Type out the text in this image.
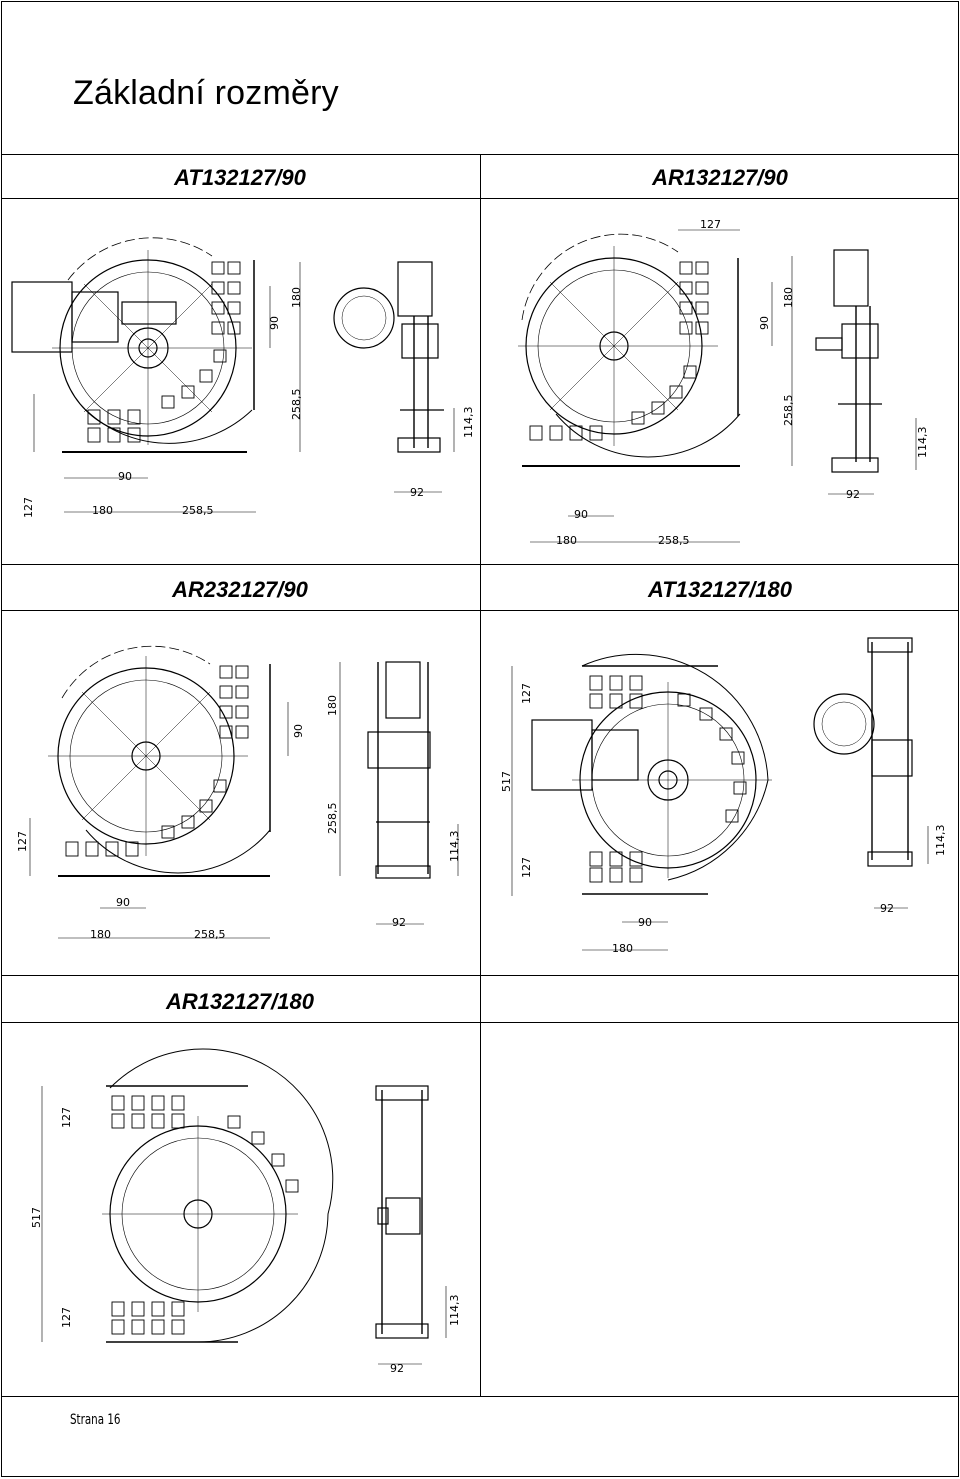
Základní rozměry
AT132127/90	AR132127/90
AR232127/90	AT132127/180
AR132127/180
90
180	258,5
92
127
90
180
258,5
114,3
127
90
180	258,5
92
90
180
258,5
114,3
90
180	258,5
92
127
90
180
258,5
114,3
127
517
127
90
180
92
114,3
127
517
127
92
114,3
Strana 16
